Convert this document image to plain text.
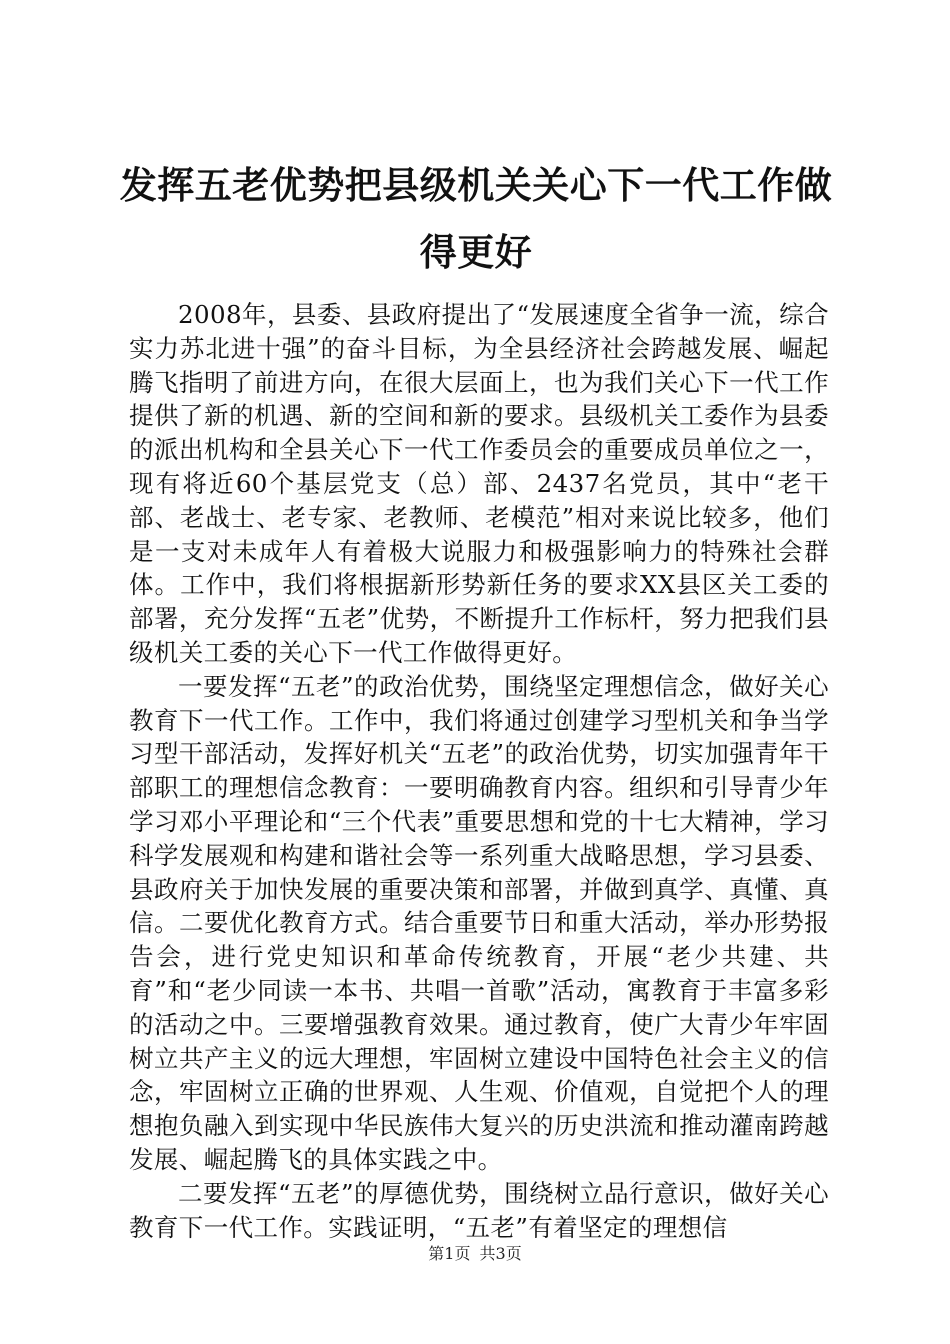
发挥五老优势把县级机关关心下一代工作做得更好

2008年，县委、县政府提出了“发展速度全省争一流，综合实力苏北进十强”的奋斗目标，为全县经济社会跨越发展、崛起腾飞指明了前进方向，在很大层面上，也为我们关心下一代工作提供了新的机遇、新的空间和新的要求。县级机关工委作为县委的派出机构和全县关心下一代工作委员会的重要成员单位之一，现有将近60个基层党支（总）部、2437名党员，其中“老干部、老战士、老专家、老教师、老模范”相对来说比较多，他们是一支对未成年人有着极大说服力和极强影响力的特殊社会群体。工作中，我们将根据新形势新任务的要求XX县区关工委的部署，充分发挥“五老”优势，不断提升工作标杆，努力把我们县级机关工委的关心下一代工作做得更好。

一要发挥“五老”的政治优势，围绕坚定理想信念，做好关心教育下一代工作。工作中，我们将通过创建学习型机关和争当学习型干部活动，发挥好机关“五老”的政治优势，切实加强青年干部职工的理想信念教育：一要明确教育内容。组织和引导青少年学习邓小平理论和“三个代表”重要思想和党的十七大精神，学习科学发展观和构建和谐社会等一系列重大战略思想，学习县委、县政府关于加快发展的重要决策和部署，并做到真学、真懂、真信。二要优化教育方式。结合重要节日和重大活动，举办形势报告会，进行党史知识和革命传统教育，开展“老少共建、共育”和“老少同读一本书、共唱一首歌”活动，寓教育于丰富多彩的活动之中。三要增强教育效果。通过教育，使广大青少年牢固树立共产主义的远大理想，牢固树立建设中国特色社会主义的信念，牢固树立正确的世界观、人生观、价值观，自觉把个人的理想抱负融入到实现中华民族伟大复兴的历史洪流和推动灌南跨越发展、崛起腾飞的具体实践之中。

二要发挥“五老”的厚德优势，围绕树立品行意识，做好关心教育下一代工作。实践证明，“五老”有着坚定的理想信

第1页 共3页
